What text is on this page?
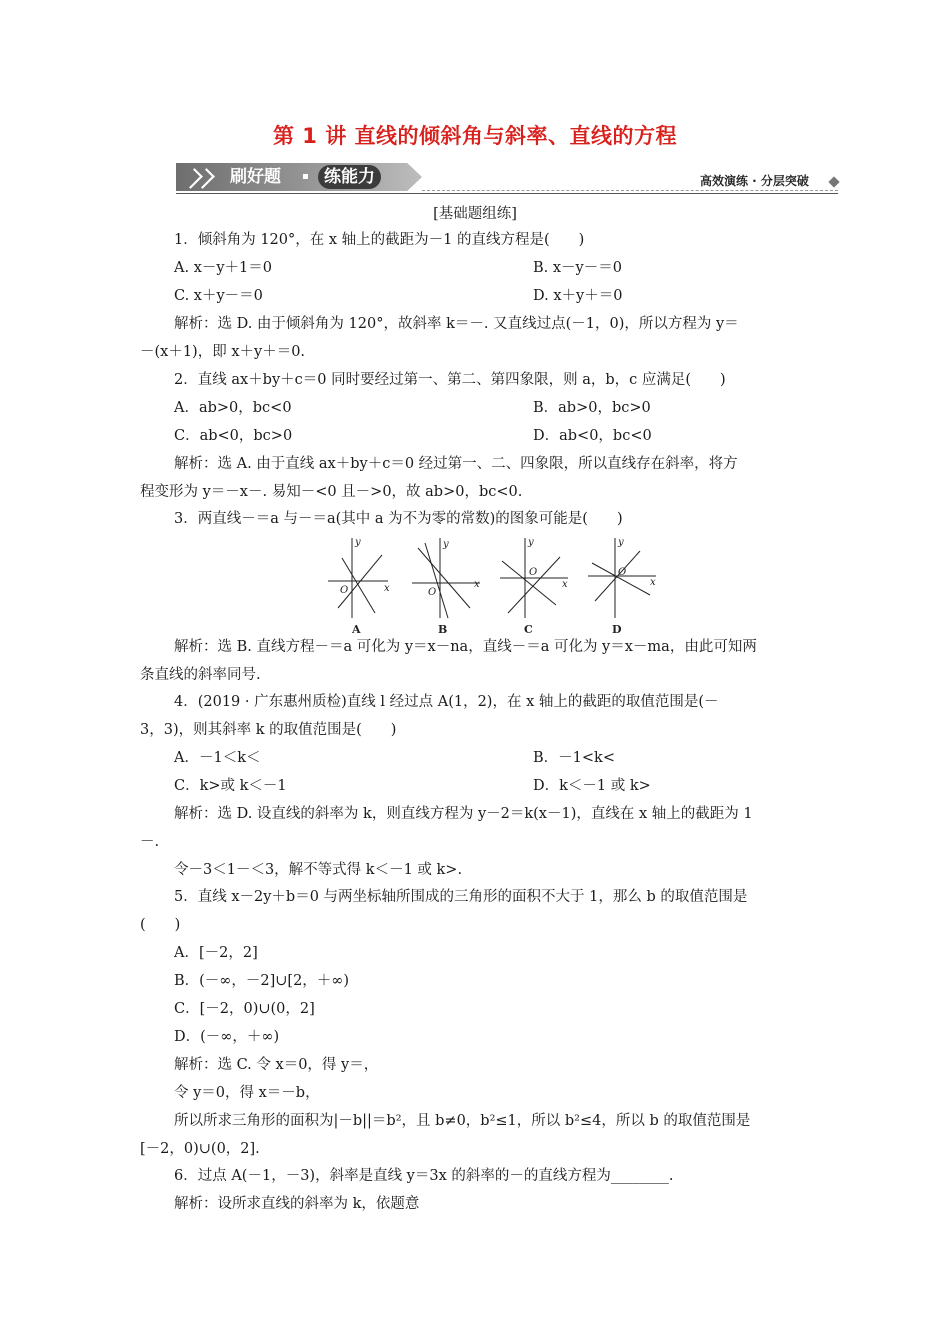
第 1 讲 直线的倾斜角与斜率、直线的方程
刷好题 ▪ 练能力	高效演练 · 分层突破
[基础题组练]
1．倾斜角为 120°，在 x 轴上的截距为－1 的直线方程是(　　)
A. x－y＋1＝0	B. x－y－＝0
C. x＋y－＝0	D. x＋y＋＝0
解析：选 D. 由于倾斜角为 120°，故斜率 k＝－. 又直线过点(－1，0)，所以方程为 y＝
－(x＋1)，即 x＋y＋＝0.
2．直线 ax＋by＋c＝0 同时要经过第一、第二、第四象限，则 a，b，c 应满足(　　)
A．ab>0，bc<0	B．ab>0，bc>0
C．ab<0，bc>0	D．ab<0，bc<0
解析：选 A. 由于直线 ax＋by＋c＝0 经过第一、二、四象限，所以直线存在斜率，将方
程变形为 y＝－x－. 易知－<0 且－>0，故 ab>0，bc<0.
3．两直线－＝a 与－＝a(其中 a 为不为零的常数)的图象可能是(　　)
y
x
O
y
x
O
y
x
O
y
x
O
A	B	C	D
解析：选 B. 直线方程－＝a 可化为 y＝x－na，直线－＝a 可化为 y＝x－ma，由此可知两
条直线的斜率同号.
4．(2019 · 广东惠州质检)直线 l 经过点 A(1，2)，在 x 轴上的截距的取值范围是(－
3，3)，则其斜率 k 的取值范围是(　　)
A．－1＜k＜	B．－1<k<
C．k>或 k＜－1	D．k＜－1 或 k>
解析：选 D. 设直线的斜率为 k，则直线方程为 y－2＝k(x－1)，直线在 x 轴上的截距为 1
－.
令－3＜1－＜3，解不等式得 k＜－1 或 k>.
5．直线 x－2y＋b＝0 与两坐标轴所围成的三角形的面积不大于 1，那么 b 的取值范围是
(　　)
A．[－2，2]
B．(－∞，－2]∪[2，＋∞)
C．[－2，0)∪(0，2]
D．(－∞，＋∞)
解析：选 C. 令 x＝0，得 y＝，
令 y＝0，得 x＝－b，
所以所求三角形的面积为|－b||＝b²，且 b≠0，b²≤1，所以 b²≤4，所以 b 的取值范围是
[－2，0)∪(0，2].
6．过点 A(－1，－3)，斜率是直线 y＝3x 的斜率的－的直线方程为________.
解析：设所求直线的斜率为 k，依题意
